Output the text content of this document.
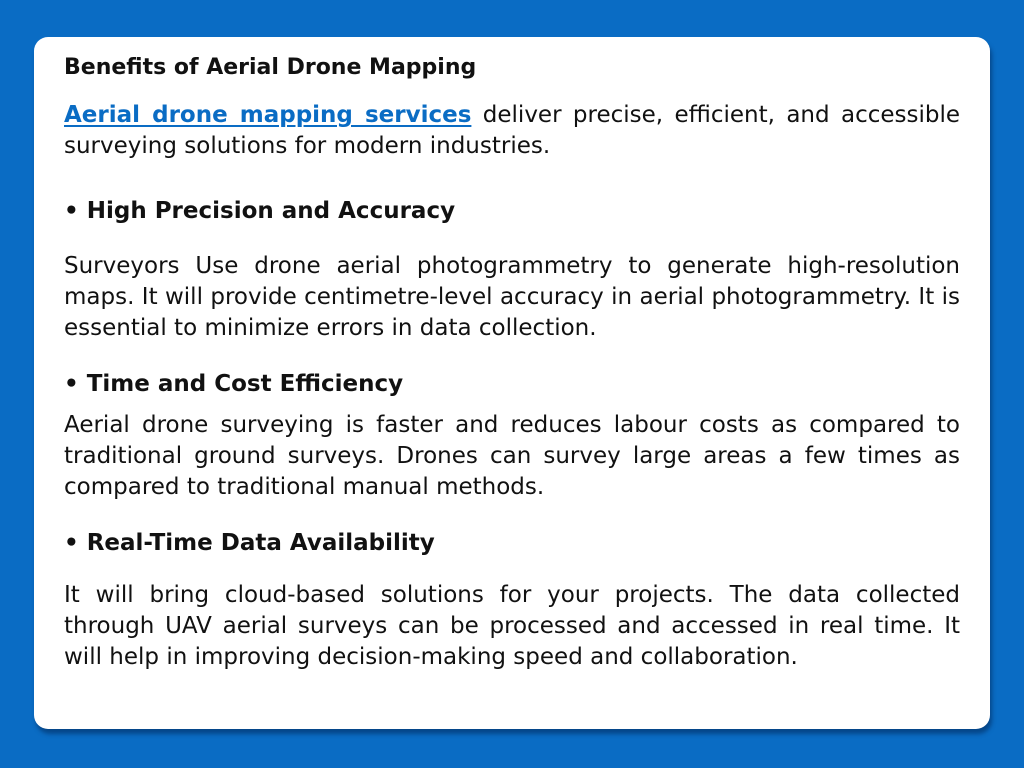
Benefits of Aerial Drone Mapping

Aerial drone mapping services deliver precise, efficient, and accessible surveying solutions for modern industries.

• High Precision and Accuracy

Surveyors Use drone aerial photogrammetry to generate high-resolution maps. It will provide centimetre-level accuracy in aerial photogrammetry. It is essential to minimize errors in data collection.

• Time and Cost Efficiency

Aerial drone surveying is faster and reduces labour costs as compared to traditional ground surveys. Drones can survey large areas a few times as compared to traditional manual methods.

• Real-Time Data Availability

It will bring cloud-based solutions for your projects. The data collected through UAV aerial surveys can be processed and accessed in real time. It will help in improving decision-making speed and collaboration.
